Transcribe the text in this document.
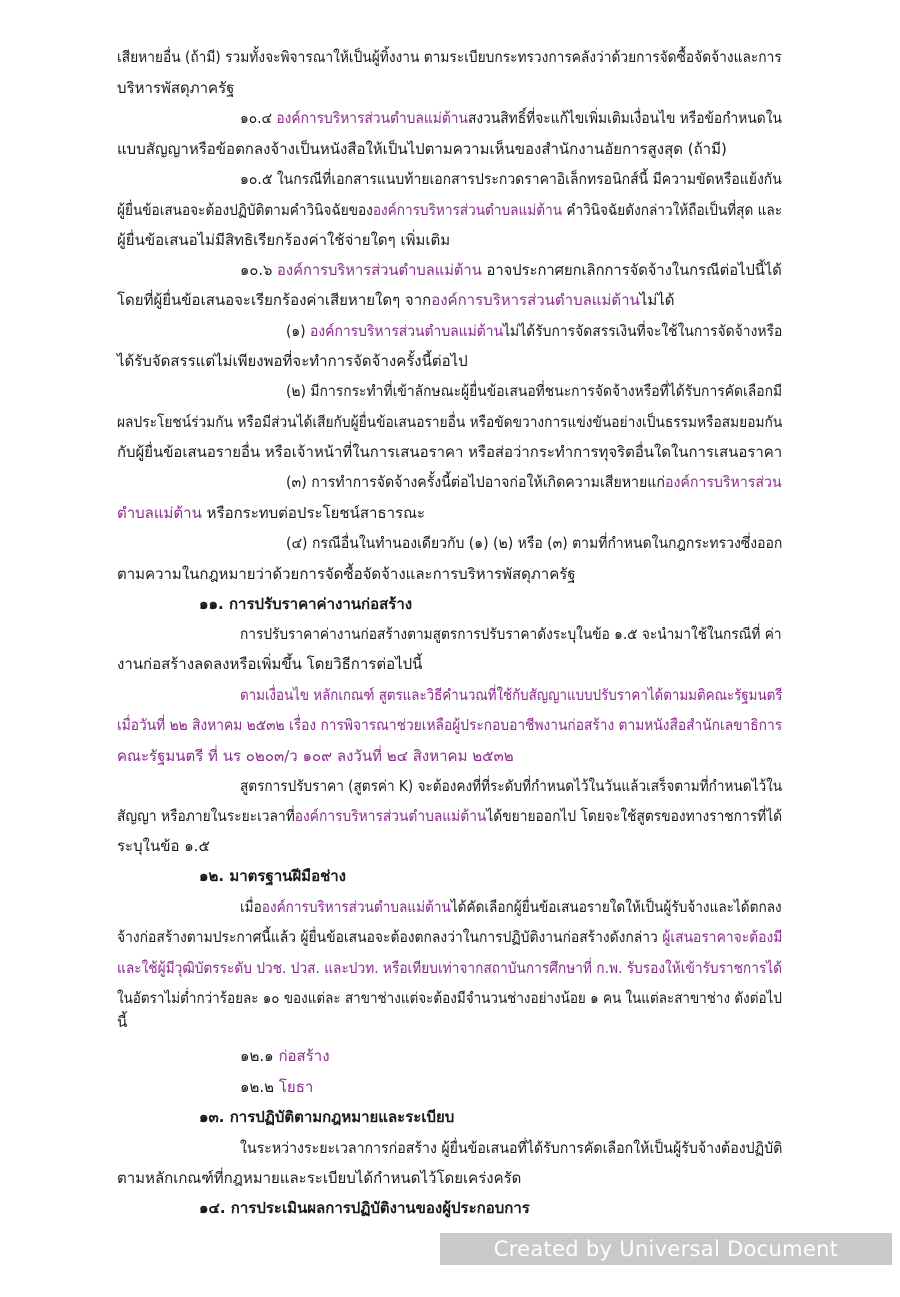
เสียหายอื่น (ถ้ามี) รวมทั้งจะพิจารณาให้เป็นผู้ทิ้งงาน ตามระเบียบกระทรวงการคลังว่าด้วยการจัดซื้อจัดจ้างและการ
บริหารพัสดุภาครัฐ
๑๐.๔ องค์การบริหารส่วนตำบลแม่ต้านสงวนสิทธิ์ที่จะแก้ไขเพิ่มเติมเงื่อนไข หรือข้อกำหนดใน
แบบสัญญาหรือข้อตกลงจ้างเป็นหนังสือให้เป็นไปตามความเห็นของสำนักงานอัยการสูงสุด (ถ้ามี)
๑๐.๕ ในกรณีที่เอกสารแนบท้ายเอกสารประกวดราคาอิเล็กทรอนิกส์นี้ มีความขัดหรือแย้งกัน
ผู้ยื่นข้อเสนอจะต้องปฏิบัติตามคำวินิจฉัยขององค์การบริหารส่วนตำบลแม่ต้าน คำวินิจฉัยดังกล่าวให้ถือเป็นที่สุด และ
ผู้ยื่นข้อเสนอไม่มีสิทธิเรียกร้องค่าใช้จ่ายใดๆ เพิ่มเติม
๑๐.๖ องค์การบริหารส่วนตำบลแม่ต้าน อาจประกาศยกเลิกการจัดจ้างในกรณีต่อไปนี้ได้
โดยที่ผู้ยื่นข้อเสนอจะเรียกร้องค่าเสียหายใดๆ จากองค์การบริหารส่วนตำบลแม่ต้านไม่ได้
(๑) องค์การบริหารส่วนตำบลแม่ต้านไม่ได้รับการจัดสรรเงินที่จะใช้ในการจัดจ้างหรือ
ได้รับจัดสรรแต่ไม่เพียงพอที่จะทำการจัดจ้างครั้งนี้ต่อไป
(๒) มีการกระทำที่เข้าลักษณะผู้ยื่นข้อเสนอที่ชนะการจัดจ้างหรือที่ได้รับการคัดเลือกมี
ผลประโยชน์ร่วมกัน หรือมีส่วนได้เสียกับผู้ยื่นข้อเสนอรายอื่น หรือขัดขวางการแข่งขันอย่างเป็นธรรมหรือสมยอมกัน
กับผู้ยื่นข้อเสนอรายอื่น หรือเจ้าหน้าที่ในการเสนอราคา หรือส่อว่ากระทำการทุจริตอื่นใดในการเสนอราคา
(๓) การทำการจัดจ้างครั้งนี้ต่อไปอาจก่อให้เกิดความเสียหายแก่องค์การบริหารส่วน
ตำบลแม่ต้าน หรือกระทบต่อประโยชน์สาธารณะ
(๔) กรณีอื่นในทำนองเดียวกับ (๑) (๒) หรือ (๓) ตามที่กำหนดในกฎกระทรวงซึ่งออก
ตามความในกฎหมายว่าด้วยการจัดซื้อจัดจ้างและการบริหารพัสดุภาครัฐ
๑๑. การปรับราคาค่างานก่อสร้าง
การปรับราคาค่างานก่อสร้างตามสูตรการปรับราคาดังระบุในข้อ ๑.๕ จะนำมาใช้ในกรณีที่ ค่า
งานก่อสร้างลดลงหรือเพิ่มขึ้น โดยวิธีการต่อไปนี้
ตามเงื่อนไข หลักเกณฑ์ สูตรและวิธีคำนวณที่ใช้กับสัญญาแบบปรับราคาได้ตามมติคณะรัฐมนตรี
เมื่อวันที่ ๒๒ สิงหาคม ๒๕๓๒ เรื่อง การพิจารณาช่วยเหลือผู้ประกอบอาชีพงานก่อสร้าง ตามหนังสือสำนักเลขาธิการ
คณะรัฐมนตรี ที่ นร ๐๒๐๓/ว ๑๐๙ ลงวันที่ ๒๔ สิงหาคม ๒๕๓๒
สูตรการปรับราคา (สูตรค่า K) จะต้องคงที่ที่ระดับที่กำหนดไว้ในวันแล้วเสร็จตามที่กำหนดไว้ใน
สัญญา หรือภายในระยะเวลาที่องค์การบริหารส่วนตำบลแม่ต้านได้ขยายออกไป โดยจะใช้สูตรของทางราชการที่ได้
ระบุในข้อ ๑.๕
๑๒. มาตรฐานฝีมือช่าง
เมื่อองค์การบริหารส่วนตำบลแม่ต้านได้คัดเลือกผู้ยื่นข้อเสนอรายใดให้เป็นผู้รับจ้างและได้ตกลง
จ้างก่อสร้างตามประกาศนี้แล้ว ผู้ยื่นข้อเสนอจะต้องตกลงว่าในการปฏิบัติงานก่อสร้างดังกล่าว ผู้เสนอราคาจะต้องมี
และใช้ผู้มีวุฒิบัตรระดับ ปวช. ปวส. และปวท. หรือเทียบเท่าจากสถาบันการศึกษาที่ ก.พ. รับรองให้เข้ารับราชการได้
ในอัตราไม่ต่ำกว่าร้อยละ ๑๐ ของแต่ละ สาขาช่างแต่จะต้องมีจำนวนช่างอย่างน้อย ๑ คน ในแต่ละสาขาช่าง ดังต่อไป
นี้
๑๒.๑ ก่อสร้าง
๑๒.๒ โยธา
๑๓. การปฏิบัติตามกฎหมายและระเบียบ
ในระหว่างระยะเวลาการก่อสร้าง ผู้ยื่นข้อเสนอที่ได้รับการคัดเลือกให้เป็นผู้รับจ้างต้องปฏิบัติ
ตามหลักเกณฑ์ที่กฎหมายและระเบียบได้กำหนดไว้โดยเคร่งครัด
๑๔. การประเมินผลการปฏิบัติงานของผู้ประกอบการ
Created by Universal Document Converter
